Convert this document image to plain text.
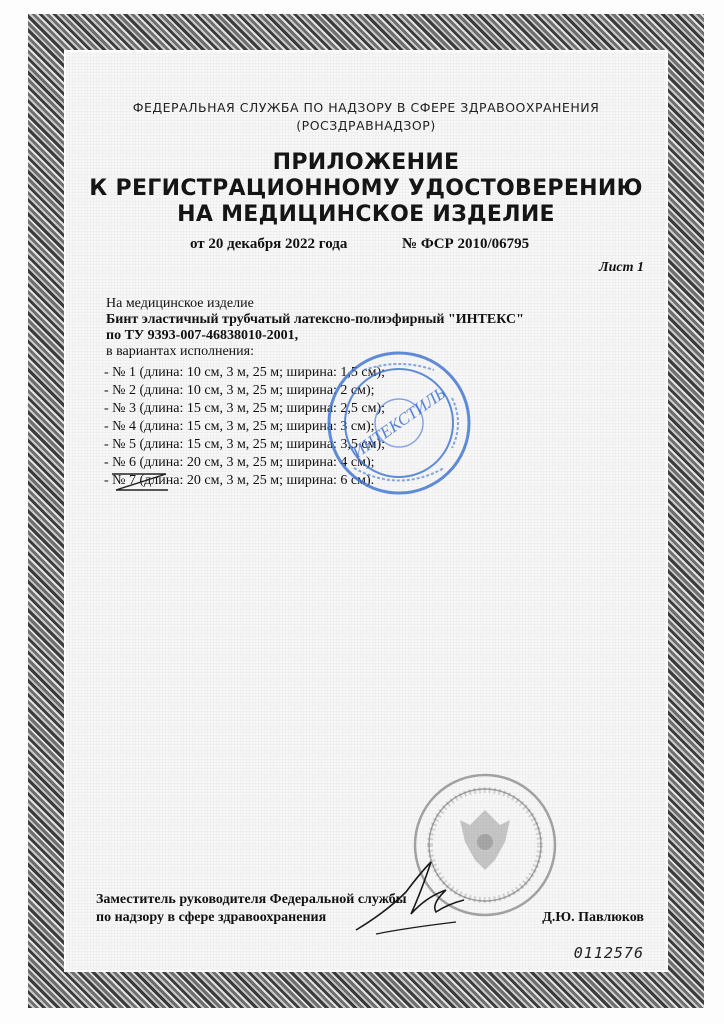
ФЕДЕРАЛЬНАЯ СЛУЖБА ПО НАДЗОРУ В СФЕРЕ ЗДРАВООХРАНЕНИЯ
(РОСЗДРАВНАДЗОР)
ПРИЛОЖЕНИЕ
К РЕГИСТРАЦИОННОМУ УДОСТОВЕРЕНИЮ
НА МЕДИЦИНСКОЕ ИЗДЕЛИЕ
от 20 декабря 2022 года	№ ФСР 2010/06795
Лист 1
На медицинское изделие
Бинт эластичный трубчатый латексно-полиэфирный "ИНТЕКС"
по ТУ 9393-007-46838010-2001,
в вариантах исполнения:
- № 1 (длина: 10 см, 3 м, 25 м; ширина: 1,5 см);
- № 2 (длина: 10 см, 3 м, 25 м; ширина: 2 см);
- № 3 (длина: 15 см, 3 м, 25 м; ширина: 2,5 см);
- № 4 (длина: 15 см, 3 м, 25 м; ширина: 3 см);
- № 5 (длина: 15 см, 3 м, 25 м; ширина: 3,5 см);
- № 6 (длина: 20 см, 3 м, 25 м; ширина: 4 см);
- № 7 (длина: 20 см, 3 м, 25 м; ширина: 6 см).
ИНТЕКСТИЛЬ
Заместитель руководителя Федеральной службы
по надзору в сфере здравоохранения	Д.Ю. Павлюков
0112576
